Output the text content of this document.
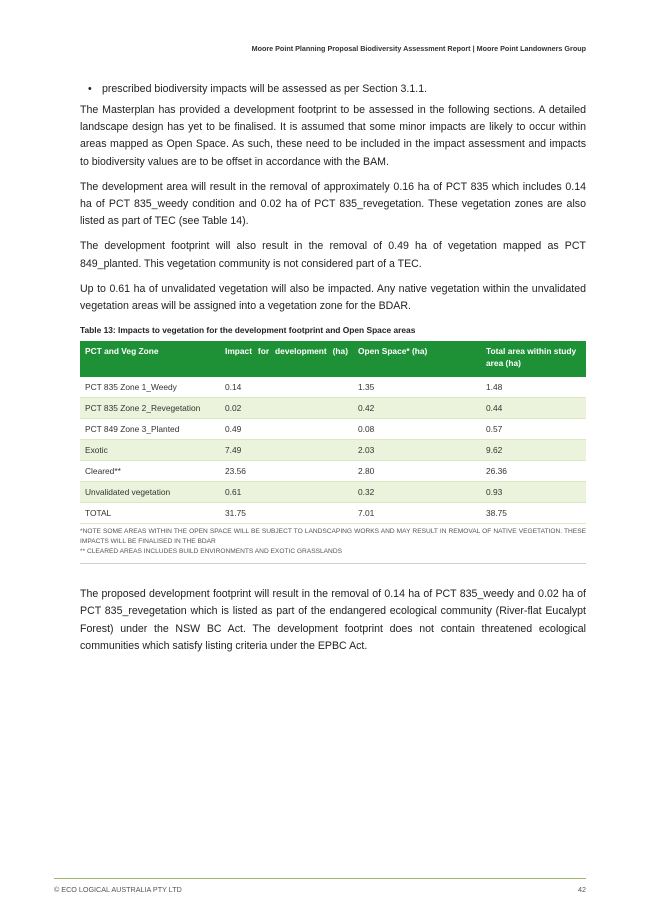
Moore Point Planning Proposal Biodiversity Assessment Report | Moore Point Landowners Group
• prescribed biodiversity impacts will be assessed as per Section 3.1.1.

The Masterplan has provided a development footprint to be assessed in the following sections. A detailed landscape design has yet to be finalised. It is assumed that some minor impacts are likely to occur within areas mapped as Open Space. As such, these need to be included in the impact assessment and impacts to biodiversity values are to be offset in accordance with the BAM.

The development area will result in the removal of approximately 0.16 ha of PCT 835 which includes 0.14 ha of PCT 835_weedy condition and 0.02 ha of PCT 835_revegetation. These vegetation zones are also listed as part of TEC (see Table 14).

The development footprint will also result in the removal of 0.49 ha of vegetation mapped as PCT 849_planted. This vegetation community is not considered part of a TEC.

Up to 0.61 ha of unvalidated vegetation will also be impacted. Any native vegetation within the unvalidated vegetation areas will be assigned into a vegetation zone for the BDAR.

Table 13: Impacts to vegetation for the development footprint and Open Space areas
PCT and Veg Zone	Impact for development (ha)	Open Space* (ha)	Total area within study area (ha)
PCT 835 Zone 1_Weedy	0.14	1.35	1.48
PCT 835 Zone 2_Revegetation	0.02	0.42	0.44
PCT 849 Zone 3_Planted	0.49	0.08	0.57
Exotic	7.49	2.03	9.62
Cleared**	23.56	2.80	26.36
Unvalidated vegetation	0.61	0.32	0.93
TOTAL	31.75	7.01	38.75
*NOTE SOME AREAS WITHIN THE OPEN SPACE WILL BE SUBJECT TO LANDSCAPING WORKS AND MAY RESULT IN REMOVAL OF NATIVE VEGETATION. THESE IMPACTS WILL BE FINALISED IN THE BDAR
** CLEARED AREAS INCLUDES BUILD ENVIRONMENTS AND EXOTIC GRASSLANDS

The proposed development footprint will result in the removal of 0.14 ha of PCT 835_weedy and 0.02 ha of PCT 835_revegetation which is listed as part of the endangered ecological community (River-flat Eucalypt Forest) under the NSW BC Act. The development footprint does not contain threatened ecological communities which satisfy listing criteria under the EPBC Act.

© ECO LOGICAL AUSTRALIA PTY LTD	42
